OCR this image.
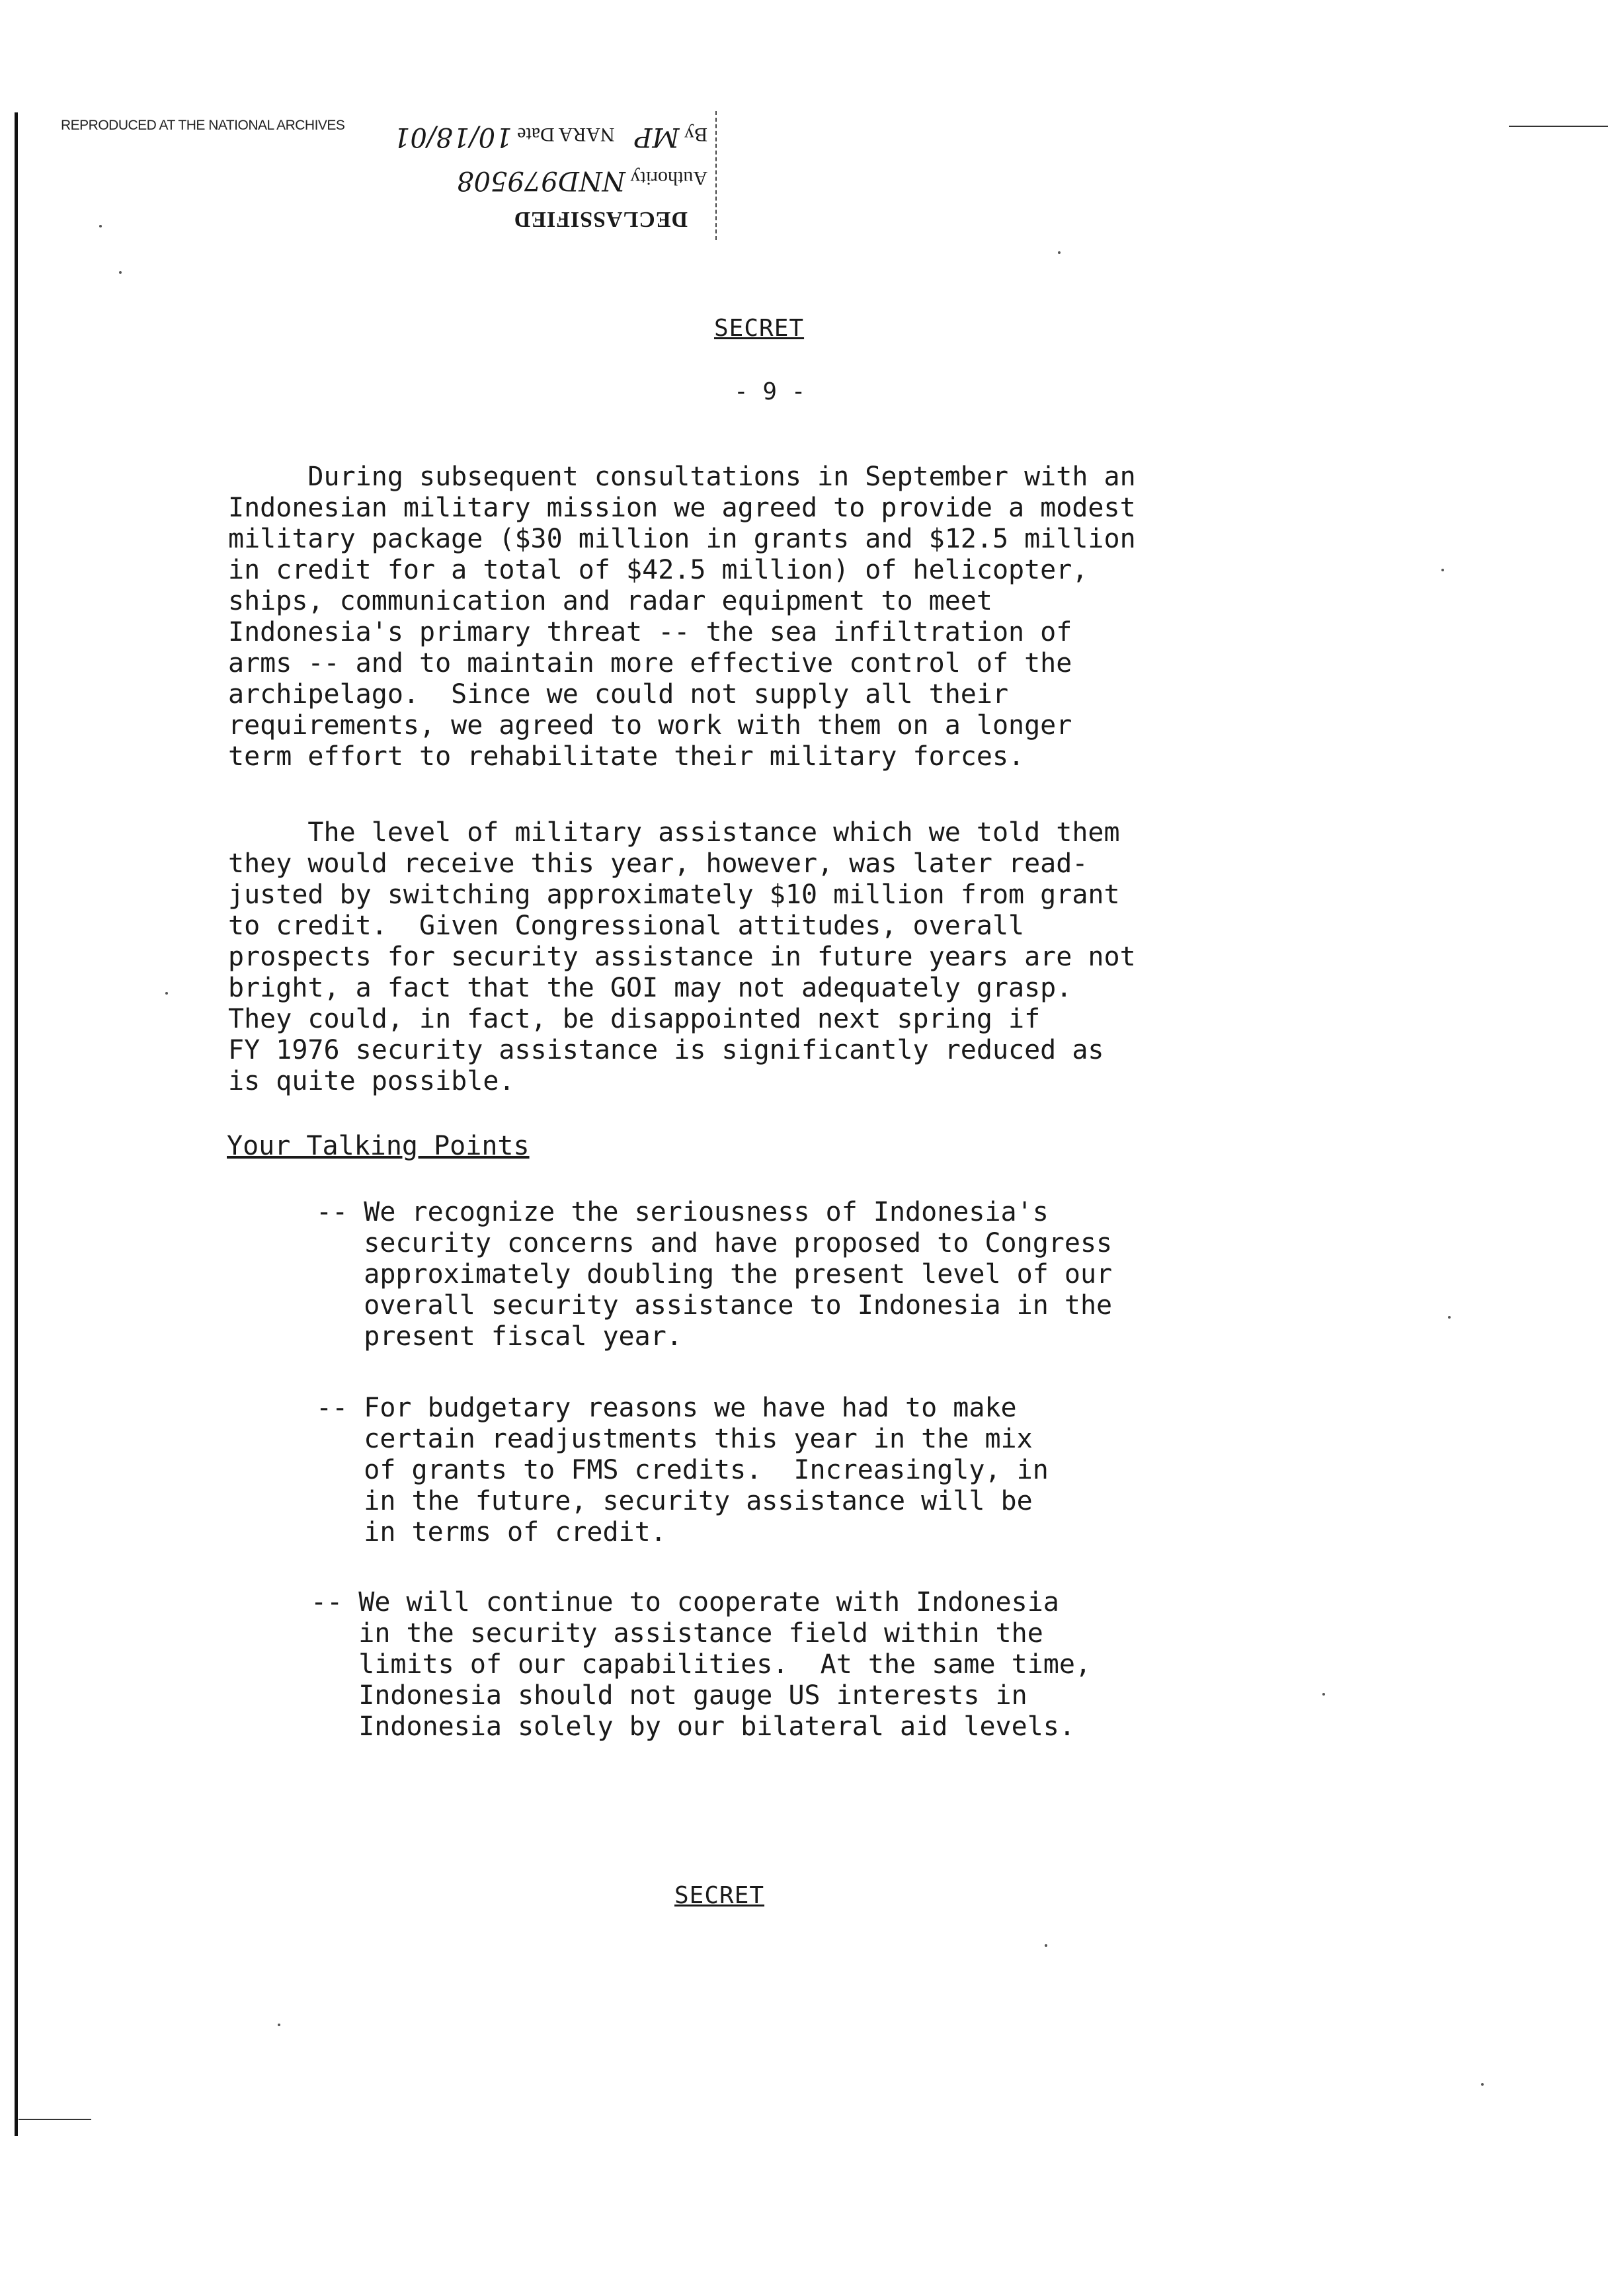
REPRODUCED AT THE NATIONAL ARCHIVES
DECLASSIFIED
Authority NND979508
By MP    NARA Date 10/18/01
SECRET
- 9 -

During subsequent consultations in September with an
Indonesian military mission we agreed to provide a modest
military package ($30 million in grants and $12.5 million
in credit for a total of $42.5 million) of helicopter,
ships, communication and radar equipment to meet
Indonesia's primary threat -- the sea infiltration of
arms -- and to maintain more effective control of the
archipelago.  Since we could not supply all their
requirements, we agreed to work with them on a longer
term effort to rehabilitate their military forces.

The level of military assistance which we told them
they would receive this year, however, was later read-
justed by switching approximately $10 million from grant
to credit.  Given Congressional attitudes, overall
prospects for security assistance in future years are not
bright, a fact that the GOI may not adequately grasp.
They could, in fact, be disappointed next spring if
FY 1976 security assistance is significantly reduced as
is quite possible.

Your Talking Points

-- We recognize the seriousness of Indonesia's
security concerns and have proposed to Congress
approximately doubling the present level of our
overall security assistance to Indonesia in the
present fiscal year.

-- For budgetary reasons we have had to make
certain readjustments this year in the mix
of grants to FMS credits.  Increasingly, in
in the future, security assistance will be
in terms of credit.

-- We will continue to cooperate with Indonesia
in the security assistance field within the
limits of our capabilities.  At the same time,
Indonesia should not gauge US interests in
Indonesia solely by our bilateral aid levels.

SECRET
